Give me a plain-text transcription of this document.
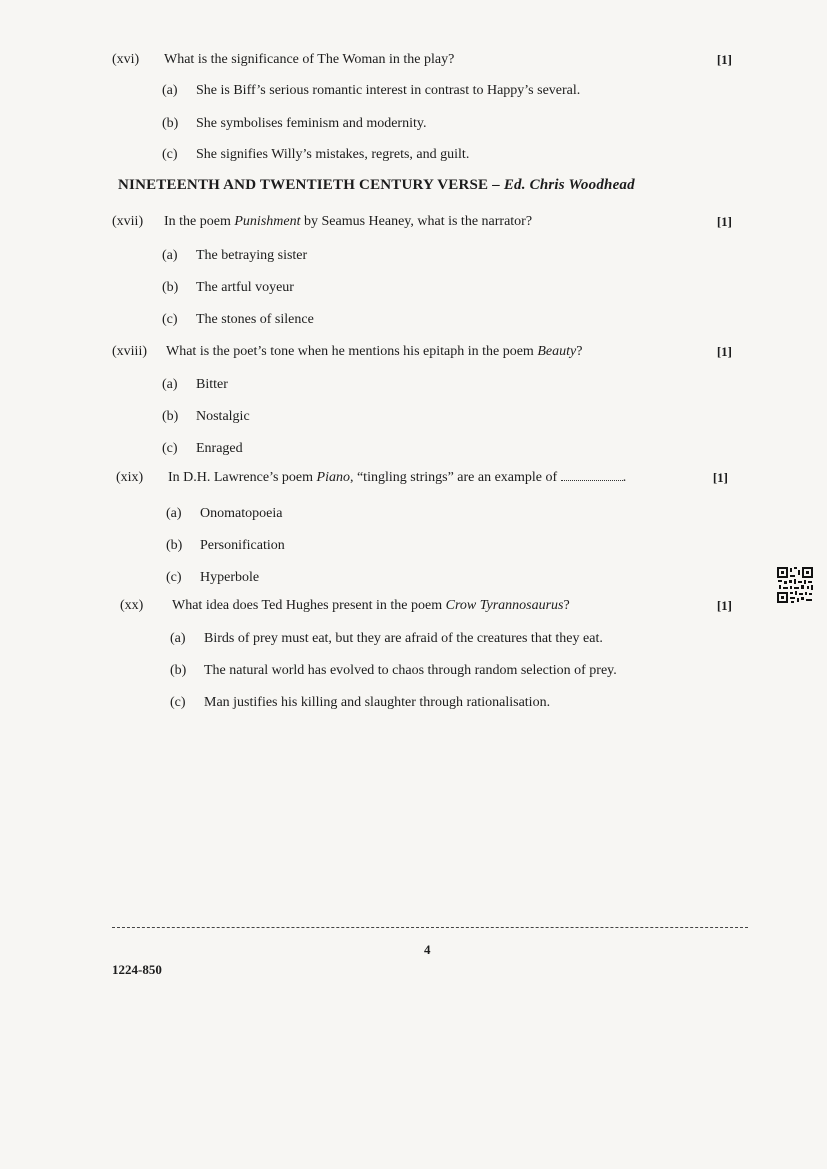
(xvi)	What is the significance of The Woman in the play?	[1]
(a) She is Biff’s serious romantic interest in contrast to Happy’s several.
(b) She symbolises feminism and modernity.
(c) She signifies Willy’s mistakes, regrets, and guilt.
NINETEENTH AND TWENTIETH CENTURY VERSE – Ed. Chris Woodhead
(xvii)	In the poem Punishment by Seamus Heaney, what is the narrator?	[1]
(a) The betraying sister
(b) The artful voyeur
(c) The stones of silence
(xviii)	What is the poet’s tone when he mentions his epitaph in the poem Beauty?	[1]
(a) Bitter
(b) Nostalgic
(c) Enraged
(xix)	In D.H. Lawrence’s poem Piano, “tingling strings” are an example of	.	[1]
(a) Onomatopoeia
(b) Personification
(c) Hyperbole
(xx)	What idea does Ted Hughes present in the poem Crow Tyrannosaurus?	[1]
(a) Birds of prey must eat, but they are afraid of the creatures that they eat.
(b) The natural world has evolved to chaos through random selection of prey.
(c) Man justifies his killing and slaughter through rationalisation.
4
1224-850
